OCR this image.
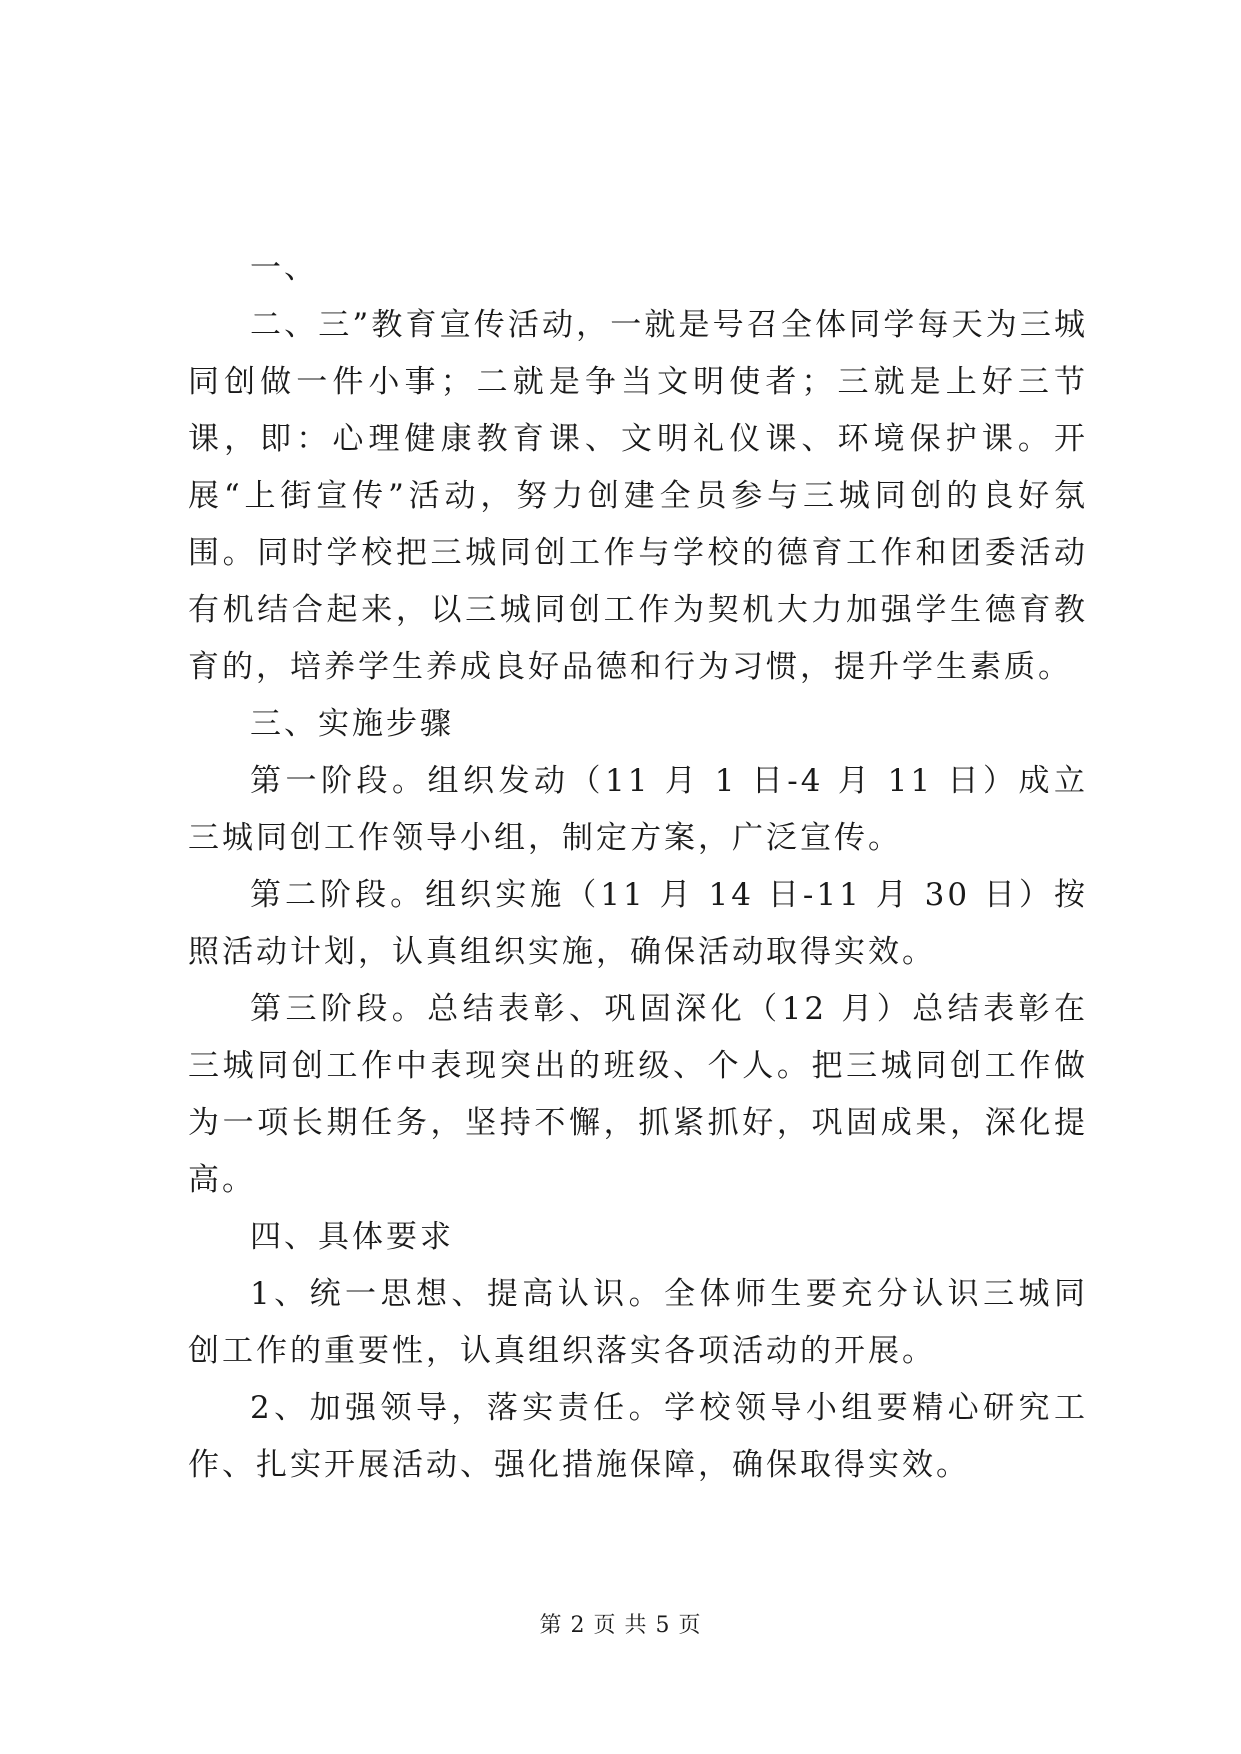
一、

二、三”教育宣传活动，一就是号召全体同学每天为三城同创做一件小事；二就是争当文明使者；三就是上好三节课，即：心理健康教育课、文明礼仪课、环境保护课。开展“上街宣传”活动，努力创建全员参与三城同创的良好氛围。同时学校把三城同创工作与学校的德育工作和团委活动有机结合起来，以三城同创工作为契机大力加强学生德育教育的，培养学生养成良好品德和行为习惯，提升学生素质。

三、实施步骤

第一阶段。组织发动（11 月 1 日-4 月 11 日）成立三城同创工作领导小组，制定方案，广泛宣传。

第二阶段。组织实施（11 月 14 日-11 月 30 日）按照活动计划，认真组织实施，确保活动取得实效。

第三阶段。总结表彰、巩固深化（12 月）总结表彰在三城同创工作中表现突出的班级、个人。把三城同创工作做为一项长期任务，坚持不懈，抓紧抓好，巩固成果，深化提高。

四、具体要求

1、统一思想、提高认识。全体师生要充分认识三城同创工作的重要性，认真组织落实各项活动的开展。

2、加强领导，落实责任。学校领导小组要精心研究工作、扎实开展活动、强化措施保障，确保取得实效。

第 2 页 共 5 页
